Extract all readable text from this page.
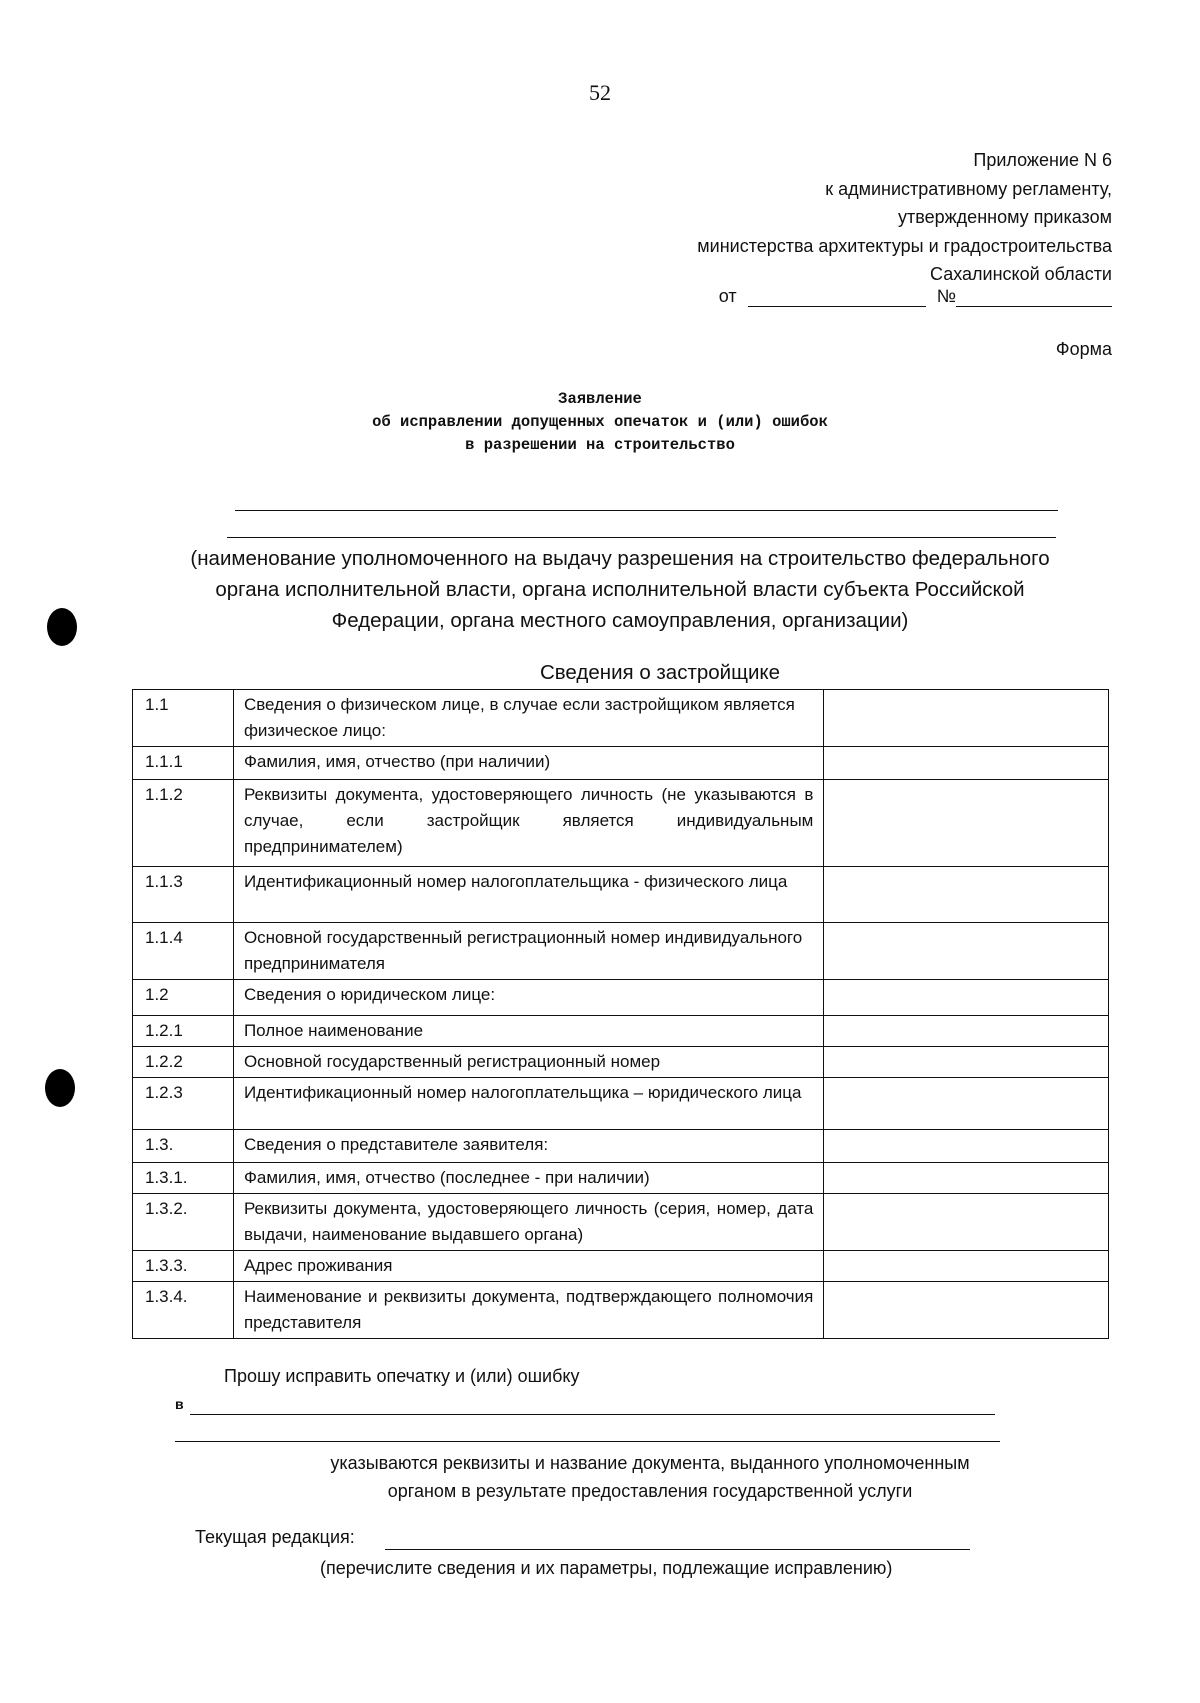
52
Приложение N 6
к административному регламенту,
утвержденному приказом
министерства архитектуры и градостроительства
Сахалинской области
от	№
Форма
Заявление
об исправлении допущенных опечаток и (или) ошибок
в разрешении на строительство
(наименование уполномоченного на выдачу разрешения на строительство федерального
органа исполнительной власти, органа исполнительной власти субъекта Российской
Федерации, органа местного самоуправления, организации)
Сведения о застройщике
1.1	Сведения о физическом лице, в случае если застройщиком является физическое лицо:	
1.1.1	Фамилия, имя, отчество (при наличии)	
1.1.2	Реквизиты документа, удостоверяющего личность (не указываются в случае, если застройщик является индивидуальным предпринимателем)	
1.1.3	Идентификационный номер налогоплательщика - физического лица	
1.1.4	Основной государственный регистрационный номер индивидуального предпринимателя	
1.2	Сведения о юридическом лице:	
1.2.1	Полное наименование	
1.2.2	Основной государственный регистрационный номер	
1.2.3	Идентификационный номер налогоплательщика – юридического лица	
1.3.	Сведения о представителе заявителя:	
1.3.1.	Фамилия, имя, отчество (последнее - при наличии)	
1.3.2.	Реквизиты документа, удостоверяющего личность (серия, номер, дата выдачи, наименование выдавшего органа)	
1.3.3.	Адрес проживания	
1.3.4.	Наименование и реквизиты документа, подтверждающего полномочия представителя	
Прошу исправить опечатку и (или) ошибку
в
указываются реквизиты и название документа, выданного уполномоченным
органом в результате предоставления государственной услуги
Текущая редакция:
(перечислите сведения и их параметры, подлежащие исправлению)
